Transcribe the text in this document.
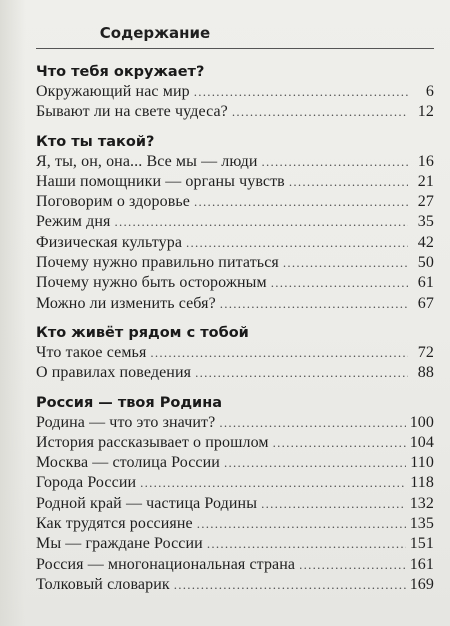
Содержание
Что тебя окружает?
Окружающий нас мир . . .	6
Бывают ли на свете чудеса? . . .	12
Кто ты такой?
Я, ты, он, она... Все мы — люди . . .	16
Наши помощники — органы чувств . . .	21
Поговорим о здоровье . . .	27
Режим дня . . .	35
Физическая культура . . .	42
Почему нужно правильно питаться . . .	50
Почему нужно быть осторожным . . .	61
Можно ли изменить себя? . . .	67
Кто живёт рядом с тобой
Что такое семья . . .	72
О правилах поведения . . .	88
Россия — твоя Родина
Родина — что это значит? . . .	100
История рассказывает о прошлом . . .	104
Москва — столица России . . .	110
Города России . . .	118
Родной край — частица Родины . . .	132
Как трудятся россияне . . .	135
Мы — граждане России . . .	151
Россия — многонациональная страна . . .	161
Толковый словарик . . .	169
